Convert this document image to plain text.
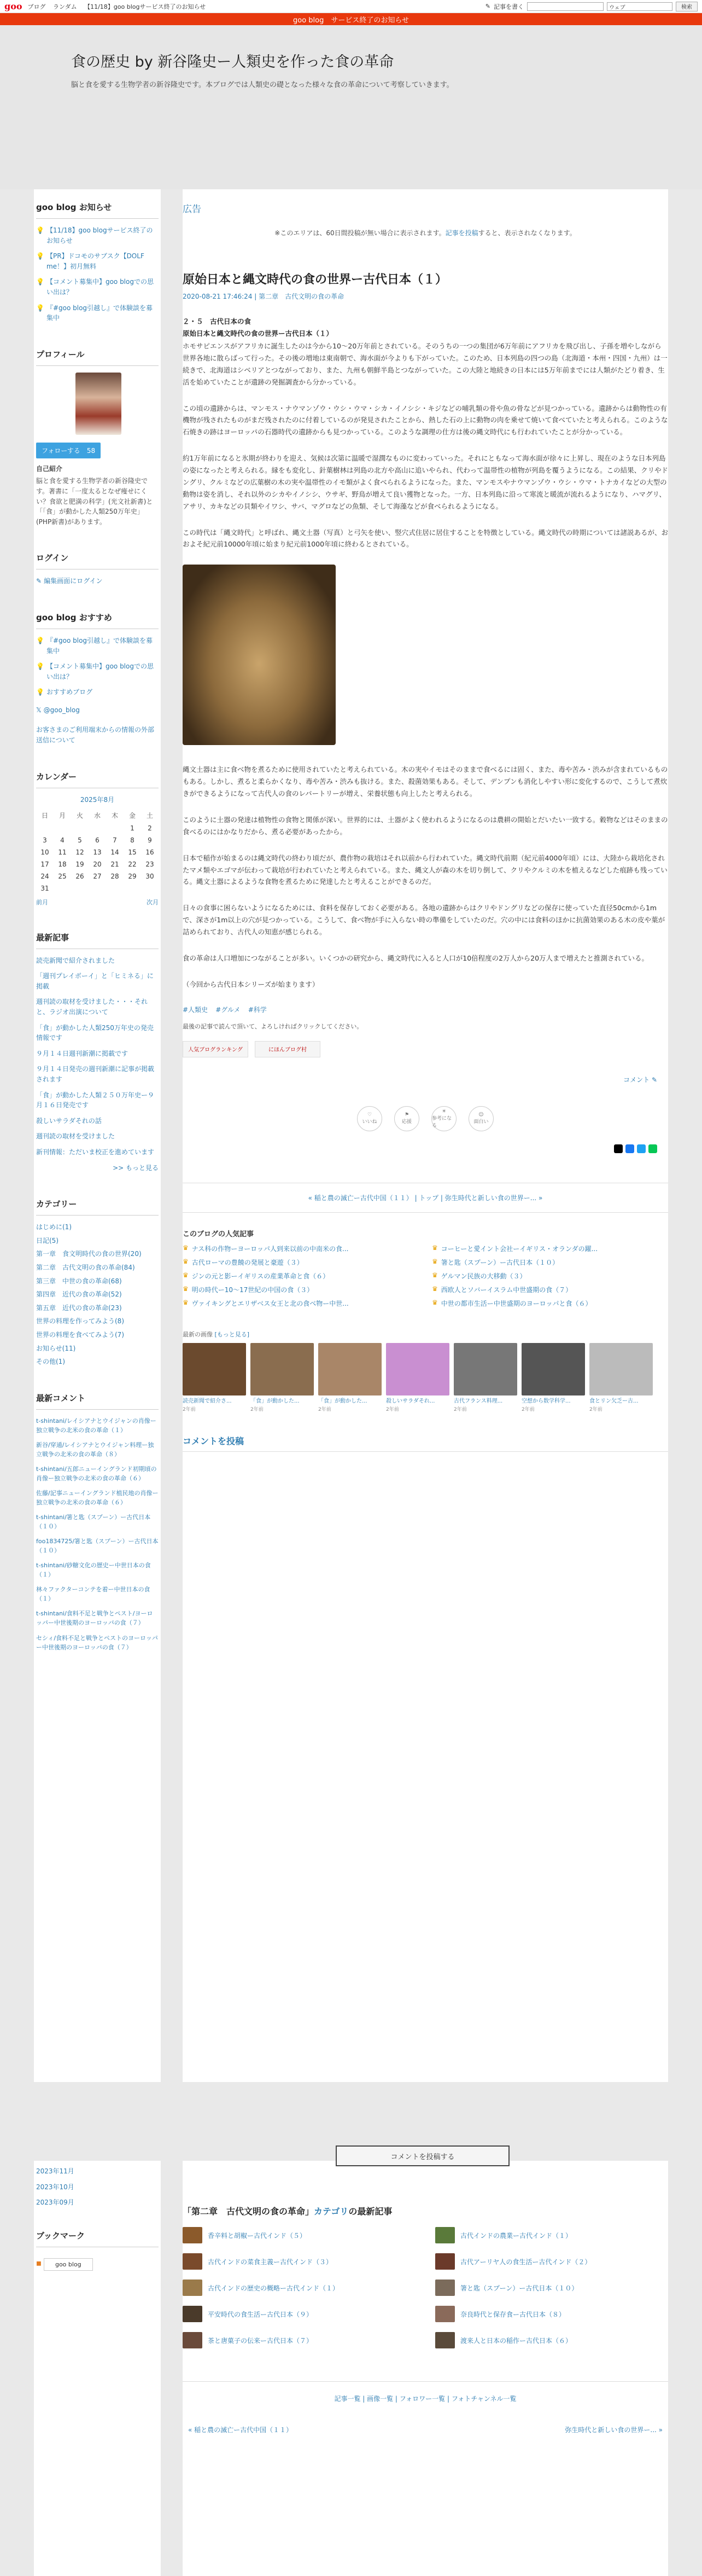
goo ブログ ランダム 【11/18】goo blogサービス終了のお知らせ	✎ 記事を書く	ウェブ	検索
goo blog　サービス終了のお知らせ
食の歴史 by 新谷隆史ー人類史を作った食の革命

脳と食を愛する生物学者の新谷隆史です。本ブログでは人類史の礎となった様々な食の革命について考察していきます。

goo blog お知らせ
💡 【11/18】goo blogサービス終了のお知らせ
💡 【PR】ドコモのサブスク【DOLF me！】初月無料
💡 【コメント募集中】goo blogでの思い出は？
💡 『#goo blog引越し』で体験談を募集中
プロフィール
フォローする　 58
自己紹介
脳と食を愛する生物学者の新谷隆史です。著書に「一度太るとなぜ痩せにくい？食欲と肥満の科学」(光文社新書)と「「食」が動かした人類250万年史」(PHP新書)があります。
ログイン
✎ 編集画面にログイン
goo blog おすすめ
💡 『#goo blog引越し』で体験談を募集中
💡 【コメント募集中】goo blogでの思い出は？
💡 おすすめブログ
𝕏 @goo_blog
お客さまのご利用端末からの情報の外部送信について
カレンダー
2025年8月
日	月	火	水	木	金	土
					1	2
3	4	5	6	7	8	9
10	11	12	13	14	15	16
17	18	19	20	21	22	23
24	25	26	27	28	29	30
31						
前月	次月
最新記事
読売新聞で紹介されました
「週刊プレイボーイ」と「ヒミネる」に掲載
週刊読の取材を受けました・・・それと、ラジオ出演について
「食」が動かした人類250万年史の発売情報です
９月１４日週刊新潮に掲載です
９月１４日発売の週刊新潮に記事が掲載されます
「食」が動かした人類２５０万年史ー９月１６日発売です
殺しいサラダそれの話
週刊読の取材を受けました
新刊情報：ただいま校正を進めています
>> もっと見る
カテゴリー
はじめに(1)
日記(5)
第一章　食文明時代の食の世界(20)
第二章　古代文明の食の革命(84)
第三章　中世の食の革命(68)
第四章　近代の食の革命(52)
第五章　近代の食の革命(23)
世界の料理を作ってみよう(8)
世界の料理を食べてみよう(7)
お知らせ(11)
その他(1)
最新コメント
t-shintani/レイシアナとウイジャンの肖像ー独立戦争の北米の食の革命（１）
新谷/穿通/レイシアナとウイジャン料理ー独立戦争の北米の食の革命（８）
t-shintani/五郎ニューイングランド初期頃の肖像ー独立戦争の北米の食の革命（６）
佐藤/記事ニューイングランド植民地の肖像ー独立戦争の北米の食の革命（６）
t-shintani/箸と匙（スプーン）ー古代日本（１０）
foo1834725/箸と匙（スプーン）ー古代日本（１０）
t-shintani/砂糖文化の歴史ー中世日本の食（１）
林々ファクターコンテを着ー中世日本の食（１）
t-shintani/食料不足と戦争とペスト/ヨーロッパー中世後期のヨーロッパの食（７）
セシィ/食料不足と戦争とペストのヨーロッパー中世後期のヨーロッパの食（７）
広告
※このエリアは、60日間投稿が無い場合に表示されます。記事を投稿すると、表示されなくなります。
原始日本と縄文時代の食の世界ー古代日本（１）
2020-08-21 17:46:24 | 第二章　古代文明の食の革命
２・５　古代日本の食
原始日本と縄文時代の食の世界ー古代日本（１）

ホモサピエンスがアフリカに誕生したのは今から10〜20万年前とされている。そのうちの一つの集団が6万年前にアフリカを飛び出し、子孫を増やしながら世界各地に散らばって行った。その後の増地は東南朝で、海水面が今よりも下がっていた。このため、日本列島の四つの島（北海道・本州・四国・九州）は一続きで、北海道はシベリアとつながっており、また、九州も朝鮮半島とつながっていた。この大陸と地続きの日本には5万年前までには人類がたどり着き、生活を始めていたことが遺跡の発掘調査から分かっている。

この頃の遺跡からは、マンモス・ナウマンゾウ・ウシ・ウマ・シカ・イノシシ・キジなどの哺乳類の骨や魚の骨などが見つかっている。遺跡からは動物性の有機物が残されたものがまだ残されたのに付着しているのが発見されたことから、熱した石の上に動物の肉を乗せて焼いて食べていたと考えられる。このような石焼きの跡はヨーロッパの石器時代の遺跡からも見つかっている。このような調理の仕方は後の縄文時代にも行われていたことが分かっている。

約1万年前になると氷期が終わりを迎え、気候は次第に温暖で湿潤なものに変わっていった。それにともなって海水面が徐々に上昇し、現在のような日本列島の姿になったと考えられる。縁をも変化し、針葉樹林は列島の北方や高山に追いやられ、代わって温帯性の植物が列島を覆うようになる。この結果、クリやドングリ、クルミなどの広葉樹の木の実や温帯性のイモ類がよく食べられるようになった。また、マンモスやナウマンゾウ・ウシ・ウマ・トナカイなどの大型の動物は姿を消し、それ以外のシカやイノシシ、ウサギ、野鳥が増えて良い獲物となった。一方、日本列島に沿って寒流と暖流が流れるようになり、ハマグリ、アサリ、カキなどの貝類やイワシ、サバ、マグロなどの魚類、そして海藻などが食べられるようになる。

この時代は「縄文時代」と呼ばれ、縄文土器（写真）と弓矢を使い、竪穴式住居に居住することを特徴としている。縄文時代の時期については諸説あるが、おおよそ紀元前10000年頃に始まり紀元前1000年頃に終わるとされている。

縄文土器は主に食べ物を煮るために使用されていたと考えられている。木の実やイモはそのままで食べるには固く、また、毒や苦み・渋みが含まれているものもある。しかし、煮ると柔らかくなり、毒や苦み・渋みも抜ける。また、殺菌効果もある。そして、デンプンも消化しやすい形に変化するので、こうして煮炊きができるようになって古代人の食のレパートリーが増え、栄養状態も向上したと考えられる。

このように土器の発達は植物性の食物と関係が深い。世界的には、土器がよく使われるようになるのは農耕の開始とだいたい一致する。穀物などはそのままの食べるのにはかなりだから、煮る必要があったから。

日本で稲作が始まるのは縄文時代の終わり頃だが、農作物の栽培はそれ以前から行われていた。縄文時代前期（紀元前4000年頃）には、大陸から栽培化されたマメ類やエゴマが伝わって栽培が行われていたと考えられている。また、縄文人が森の木を切り倒して、クリやクルミの木を植えるなどした痕跡も残っている。縄文土器によるような食物を煮るために発達したと考えることができるのだ。

日々の食事に困らないようになるためには、食料を保存しておく必要がある。各地の遺跡からはクリやドングリなどの保存に使っていた直径50cmから1mで、深さが1m以上の穴が見つかっている。こうして、食べ物が手に入らない時の準備をしていたのだ。穴の中には食料のほかに抗菌効果のある木の皮や葉が詰められており、古代人の知恵が感じられる。

食の革命は人口増加につながることが多い。いくつかの研究から、縄文時代に入ると人口が10倍程度の2万人から20万人まで増えたと推測されている。

（今回から古代日本シリーズが始まります）

#人類史 #グルメ #科学
最後の記事で読んで頂いて、よろしければクリックしてください。
人気ブログランキング	にほんブログ村
コメント ✎
♡
いいね
⚑
応援
☀
参考になる
☺
面白い
« 稲と農の滅亡ー古代中国（１１） | トップ | 弥生時代と新しい食の世界ー... »
このブログの人気記事
♛ ナス科の作物ーヨーロッパ人到来以前の中南米の食...	♛ コーヒーと愛イント会社ーイギリス・オランダの躍...
♛ 古代ローマの豊饒の発展と豪遊（３）	♛ 箸と匙（スプーン）ー古代日本（１０）
♛ ジンの元と影ーイギリスの産業革命と食（６）	♛ ゲルマン民族の大移動（３）
♛ 明の時代ー10〜17世紀の中国の食（３）	♛ 西欧人とソバーイスラム中世盛期の食（７）
♛ ヴァイキングとエリザベス女王と北の食べ物ー中世...	♛ 中世の都市生活ー中世盛期のヨーロッパと食（６）
最新の画像 [もっと見る]
読売新聞で紹介さ...
2年前
「食」が動かした...
2年前
「食」が動かした...
2年前
殺しいサラダそれ...
2年前
古代フランス料理...
2年前
空想から数学科学...
2年前
食とリン欠乏ー古...
2年前
コメントを投稿
2023年11月
2023年10月
2023年09月
ブックマーク
◼	goo blog
コメントを投稿する
「第二章　古代文明の食の革命」カテゴリの最新記事
香辛料と胡椒ー古代インド（５）	古代インドの農業ー古代インド（１）
古代インドの菜食主義ー古代インド（３）	古代アーリヤ人の食生活ー古代インド（２）
古代インドの歴史の概略ー古代インド（１）	箸と匙（スプーン）ー古代日本（１０）
平安時代の食生活ー古代日本（９）	奈良時代と保存食ー古代日本（８）
茶と唐菓子の伝来ー古代日本（７）	渡来人と日本の稲作ー古代日本（６）
記事一覧 | 画像一覧 | フォロワー一覧 | フォトチャンネル一覧
« 稲と農の滅亡ー古代中国（１１）	弥生時代と新しい食の世界ー... »
